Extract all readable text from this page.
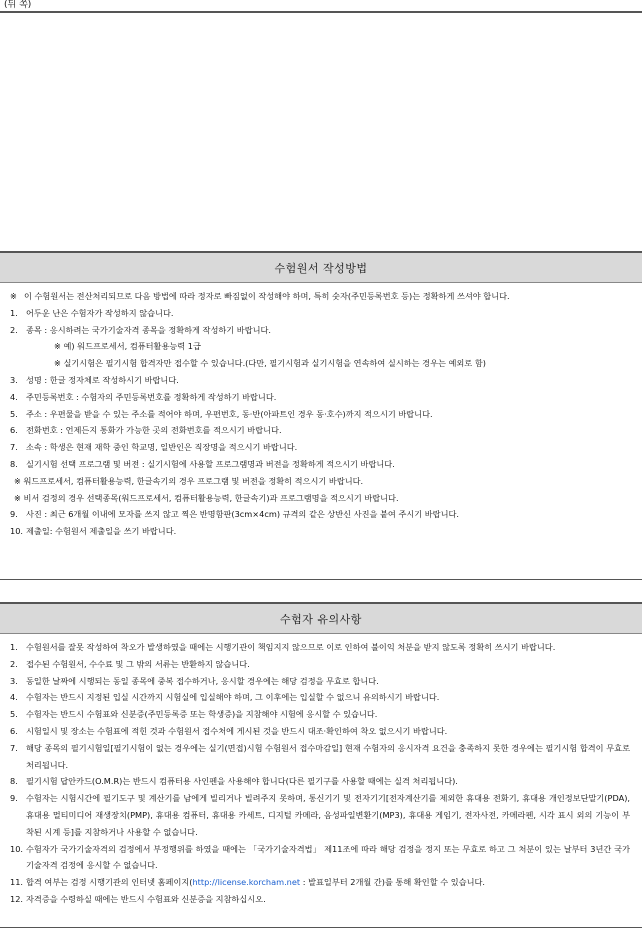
(뒤 쪽)
수험원서 작성방법
※ 이 수험원서는 전산처리되므로 다음 방법에 따라 정자로 빠짐없이 작성해야 하며, 특히 숫자(주민등록번호 등)는 정확하게 쓰셔야 합니다.
1. 어두운 난은 수험자가 작성하지 않습니다.
2. 종목 : 응시하려는 국가기술자격 종목을 정확하게 작성하기 바랍니다.
※ 예) 워드프로세서, 컴퓨터활용능력 1급
※ 실기시험은 필기시험 합격자만 접수할 수 있습니다.(다만, 필기시험과 실기시험을 연속하여 실시하는 경우는 예외로 함)
3. 성명 : 한글 정자체로 작성하시기 바랍니다.
4. 주민등록번호 : 수험자의 주민등록번호를 정확하게 작성하기 바랍니다.
5. 주소 : 우편물을 받을 수 있는 주소를 적어야 하며, 우편번호, 동·반(아파트인 경우 동·호수)까지 적으시기 바랍니다.
6. 전화번호 : 언제든지 통화가 가능한 곳의 전화번호를 적으시기 바랍니다.
7. 소속 : 학생은 현재 재학 중인 학교명, 일반인은 직장명을 적으시기 바랍니다.
8. 실기시험 선택 프로그램 및 버전 : 실기시험에 사용할 프로그램명과 버전을 정확하게 적으시기 바랍니다.
※ 워드프로세서, 컴퓨터활용능력, 한글속기의 경우 프로그램 및 버전을 정확히 적으시기 바랍니다.
※ 비서 검정의 경우 선택종목(워드프로세서, 컴퓨터활용능력, 한글속기)과 프로그램명을 적으시기 바랍니다.
9. 사진 : 최근 6개월 이내에 모자를 쓰지 않고 찍은 반명함판(3cm×4cm) 규격의 같은 상반신 사진을 붙여 주시기 바랍니다.
10. 제출일: 수험원서 제출일을 쓰기 바랍니다.
수험자 유의사항
1. 수험원서를 잘못 작성하여 착오가 발생하였을 때에는 시행기관이 책임지지 않으므로 이로 인하여 불이익 처분을 받지 않도록 정확히 쓰시기 바랍니다.
2. 접수된 수험원서, 수수료 및 그 밖의 서류는 반환하지 않습니다.
3. 동일한 날짜에 시행되는 동일 종목에 중복 접수하거나, 응시할 경우에는 해당 검정을 무효로 합니다.
4. 수험자는 반드시 지정된 입실 시간까지 시험실에 입실해야 하며, 그 이후에는 입실할 수 없으니 유의하시기 바랍니다.
5. 수험자는 반드시 수험표와 신분증(주민등록증 또는 학생증)을 지참해야 시험에 응시할 수 있습니다.
6. 시험일시 및 장소는 수험표에 적힌 것과 수험원서 접수처에 게시된 것을 반드시 대조·확인하여 착오 없으시기 바랍니다.
7. 해당 종목의 필기시험일[필기시험이 없는 경우에는 실기(면접)시험 수험원서 접수마감일] 현재 수험자의 응시자격 요건을 충족하지 못한 경우에는 필기시험 합격이 무효로 처리됩니다.
8. 필기시험 답안카드(O.M.R)는 반드시 컴퓨터용 사인펜을 사용해야 합니다(다른 필기구를 사용할 때에는 실격 처리됩니다).
9. 수험자는 시험시간에 필기도구 및 계산기를 남에게 빌리거나 빌려주지 못하며, 통신기기 및 전자기기[전자계산기를 제외한 휴대용 전화기, 휴대용 개인정보단말기(PDA), 휴대용 멀티미디어 재생장치(PMP), 휴대용 컴퓨터, 휴대용 카세트, 디지털 카메라, 음성파일변환기(MP3), 휴대용 게임기, 전자사전, 카메라펜, 시각 표시 외의 기능이 부착된 시계 등]를 지참하거나 사용할 수 없습니다.
10. 수험자가 국가기술자격의 검정에서 부정행위를 하였을 때에는 「국가기술자격법」 제11조에 따라 해당 검정을 정지 또는 무효로 하고 그 처분이 있는 날부터 3년간 국가기술자격 검정에 응시할 수 없습니다.
11. 합격 여부는 검정 시행기관의 인터넷 홈페이지(http://license.korcham.net : 발표일부터 2개월 간)를 통해 확인할 수 있습니다.
12. 자격증을 수령하실 때에는 반드시 수험표와 신분증을 지참하십시오.
